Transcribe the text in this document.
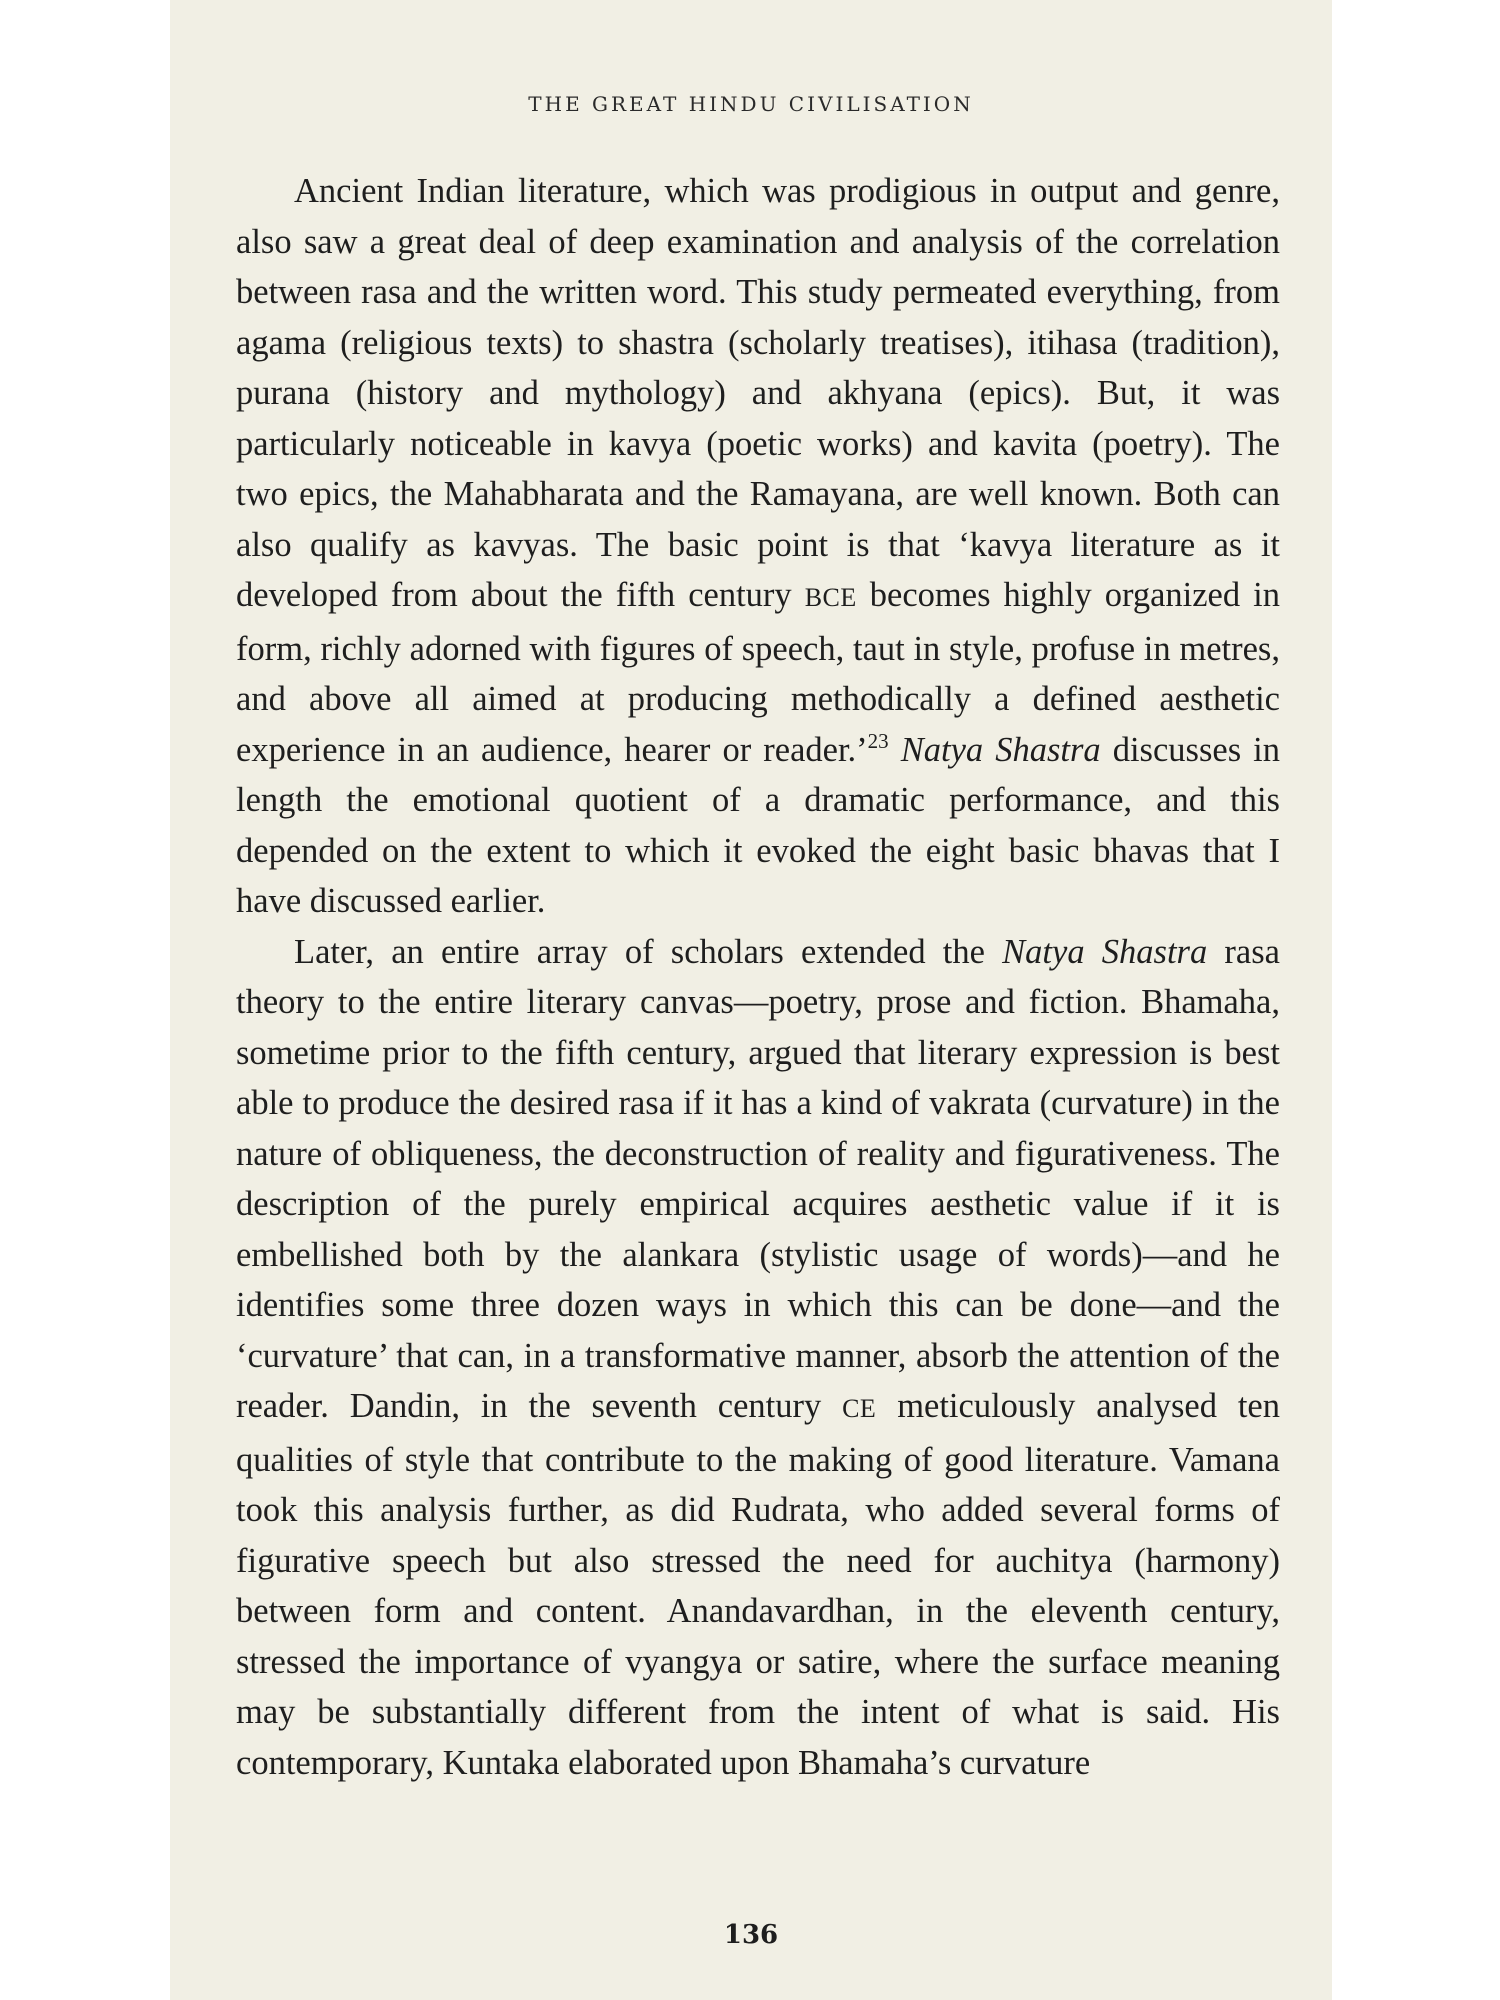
THE GREAT HINDU CIVILISATION

Ancient Indian literature, which was prodigious in output and genre, also saw a great deal of deep examination and analysis of the correlation between rasa and the written word. This study permeated everything, from agama (religious texts) to shastra (scholarly treatises), itihasa (tradition), purana (history and mythology) and akhyana (epics). But, it was particularly noticeable in kavya (poetic works) and kavita (poetry). The two epics, the Mahabharata and the Ramayana, are well known. Both can also qualify as kavyas. The basic point is that ‘kavya literature as it developed from about the fifth century BCE becomes highly organized in form, richly adorned with figures of speech, taut in style, profuse in metres, and above all aimed at producing methodically a defined aesthetic experience in an audience, hearer or reader.’$^{23}$ Natya Shastra discusses in length the emotional quotient of a dramatic performance, and this depended on the extent to which it evoked the eight basic bhavas that I have discussed earlier.

Later, an entire array of scholars extended the Natya Shastra rasa theory to the entire literary canvas—poetry, prose and fiction. Bhamaha, sometime prior to the fifth century, argued that literary expression is best able to produce the desired rasa if it has a kind of vakrata (curvature) in the nature of obliqueness, the deconstruction of reality and figurativeness. The description of the purely empirical acquires aesthetic value if it is embellished both by the alankara (stylistic usage of words)—and he identifies some three dozen ways in which this can be done—and the ‘curvature’ that can, in a transformative manner, absorb the attention of the reader. Dandin, in the seventh century CE meticulously analysed ten qualities of style that contribute to the making of good literature. Vamana took this analysis further, as did Rudrata, who added several forms of figurative speech but also stressed the need for auchitya (harmony) between form and content. Anandavardhan, in the eleventh century, stressed the importance of vyangya or satire, where the surface meaning may be substantially different from the intent of what is said. His contemporary, Kuntaka elaborated upon Bhamaha’s curvature

136
